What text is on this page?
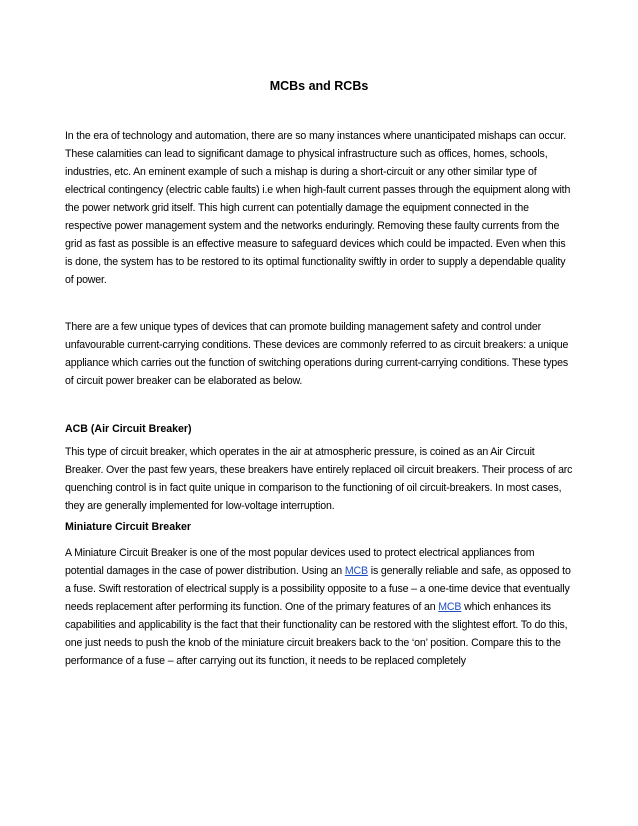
MCBs and RCBs

In the era of technology and automation, there are so many instances where unanticipated mishaps can occur. These calamities can lead to significant damage to physical infrastructure such as offices, homes, schools, industries, etc. An eminent example of such a mishap is during a short-circuit or any other similar type of electrical contingency (electric cable faults) i.e when high-fault current passes through the equipment along with the power network grid itself. This high current can potentially damage the equipment connected in the respective power management system and the networks enduringly. Removing these faulty currents from the grid as fast as possible is an effective measure to safeguard devices which could be impacted. Even when this is done, the system has to be restored to its optimal functionality swiftly in order to supply a dependable quality of power.

There are a few unique types of devices that can promote building management safety and control under unfavourable current-carrying conditions. These devices are commonly referred to as circuit breakers: a unique appliance which carries out the function of switching operations during current-carrying conditions. These types of circuit power breaker can be elaborated as below.

ACB (Air Circuit Breaker)

This type of circuit breaker, which operates in the air at atmospheric pressure, is coined as an Air Circuit Breaker. Over the past few years, these breakers have entirely replaced oil circuit breakers. Their process of arc quenching control is in fact quite unique in comparison to the functioning of oil circuit-breakers. In most cases, they are generally implemented for low-voltage interruption.

Miniature Circuit Breaker

A Miniature Circuit Breaker is one of the most popular devices used to protect electrical appliances from potential damages in the case of power distribution. Using an MCB is generally reliable and safe, as opposed to a fuse. Swift restoration of electrical supply is a possibility opposite to a fuse – a one-time device that eventually needs replacement after performing its function. One of the primary features of an MCB which enhances its capabilities and applicability is the fact that their functionality can be restored with the slightest effort. To do this, one just needs to push the knob of the miniature circuit breakers back to the ‘on’ position. Compare this to the performance of a fuse – after carrying out its function, it needs to be replaced completely
